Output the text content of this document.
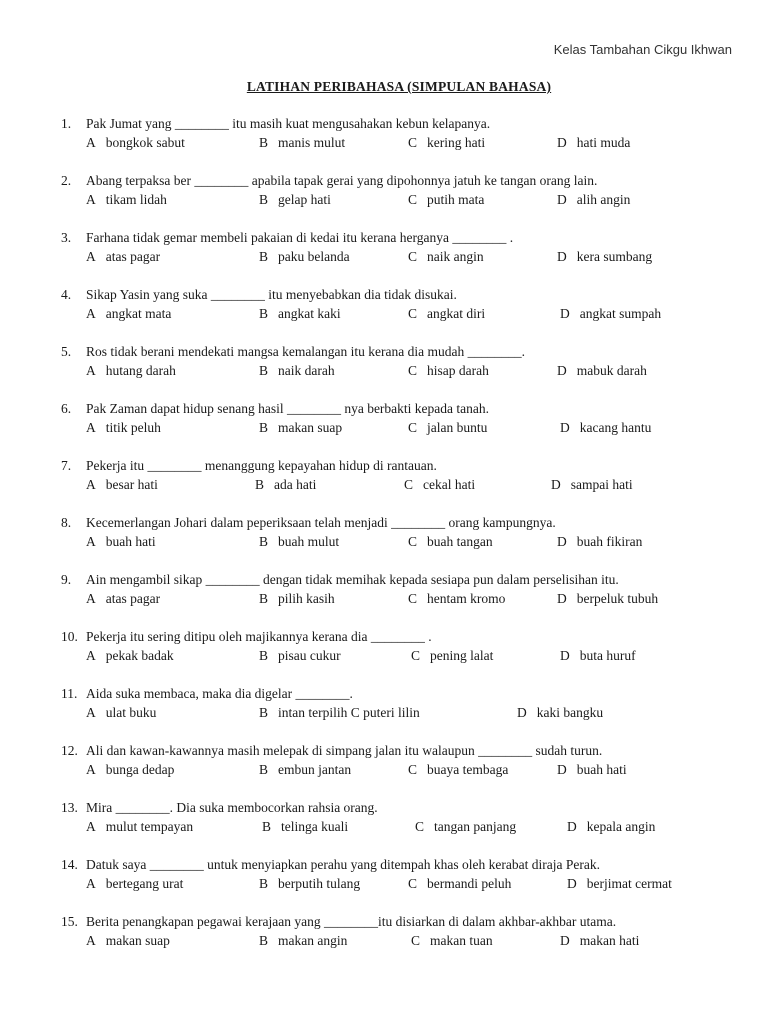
Kelas Tambahan Cikgu Ikhwan
LATIHAN PERIBAHASA (SIMPULAN BAHASA)
1. Pak Jumat yang ________ itu masih kuat mengusahakan kebun kelapanya.
A bongkok sabut	B manis mulut	C kering hati	D hati muda
2. Abang terpaksa ber ________ apabila tapak gerai yang dipohonnya jatuh ke tangan orang lain.
A tikam lidah	B gelap hati	C putih mata	D alih angin
3. Farhana tidak gemar membeli pakaian di kedai itu kerana herganya ________ .
A atas pagar	B paku belanda	C naik angin	D kera sumbang
4. Sikap Yasin yang suka ________ itu menyebabkan dia tidak disukai.
A angkat mata	B angkat kaki	C angkat diri	D angkat sumpah
5. Ros tidak berani mendekati mangsa kemalangan itu kerana dia mudah ________.
A hutang darah	B naik darah	C hisap darah	D mabuk darah
6. Pak Zaman dapat hidup senang hasil ________ nya berbakti kepada tanah.
A titik peluh	B makan suap	C jalan buntu	D kacang hantu
7. Pekerja itu ________ menanggung kepayahan hidup di rantauan.
A besar hati	B ada hati	C cekal hati	D sampai hati
8. Kecemerlangan Johari dalam peperiksaan telah menjadi ________ orang kampungnya.
A buah hati	B buah mulut	C buah tangan	D buah fikiran
9. Ain mengambil sikap ________ dengan tidak memihak kepada sesiapa pun dalam perselisihan itu.
A atas pagar	B pilih kasih	C hentam kromo	D berpeluk tubuh
10. Pekerja itu sering ditipu oleh majikannya kerana dia ________ .
A pekak badak	B pisau cukur	C pening lalat	D buta huruf
11. Aida suka membaca, maka dia digelar ________.
A ulat buku	B intan terpilih C puteri lilin	D kaki bangku
12. Ali dan kawan-kawannya masih melepak di simpang jalan itu walaupun ________ sudah turun.
A bunga dedap	B embun jantan	C buaya tembaga	D buah hati
13. Mira ________. Dia suka membocorkan rahsia orang.
A mulut tempayan	B telinga kuali	C tangan panjang	D kepala angin
14. Datuk saya ________ untuk menyiapkan perahu yang ditempah khas oleh kerabat diraja Perak.
A bertegang urat	B berputih tulang	C bermandi peluh	D berjimat cermat
15. Berita penangkapan pegawai kerajaan yang ________itu disiarkan di dalam akhbar-akhbar utama.
A makan suap	B makan angin	C makan tuan	D makan hati
